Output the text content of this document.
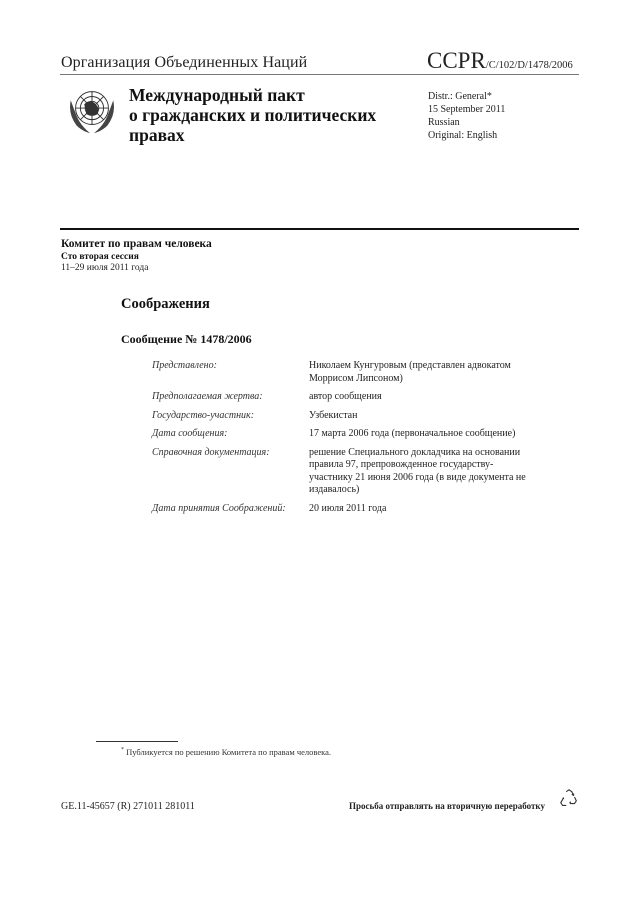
Организация Объединенных Наций	CCPR/C/102/D/1478/2006
Международный пакт
о гражданских и политических
правах
Distr.: General*
15 September 2011
Russian
Original: English
Комитет по правам человека
Сто вторая сессия
11–29 июля 2011 года
Соображения
Сообщение № 1478/2006
Представлено:	Николаем Кунгуровым (представлен адвокатом Моррисом Липсоном)
Предполагаемая жертва:	автор сообщения
Государство-участник:	Узбекистан
Дата сообщения:	17 марта 2006 года (первоначальное сообщение)
Справочная документация:	решение Специального докладчика на основании правила 97, препровожденное государству-участнику 21 июня 2006 года (в виде документа не издавалось)
Дата принятия Соображений:	20 июля 2011 года
* Публикуется по решению Комитета по правам человека.
GE.11-45657 (R) 271011 281011	Просьба отправлять на вторичную переработку
